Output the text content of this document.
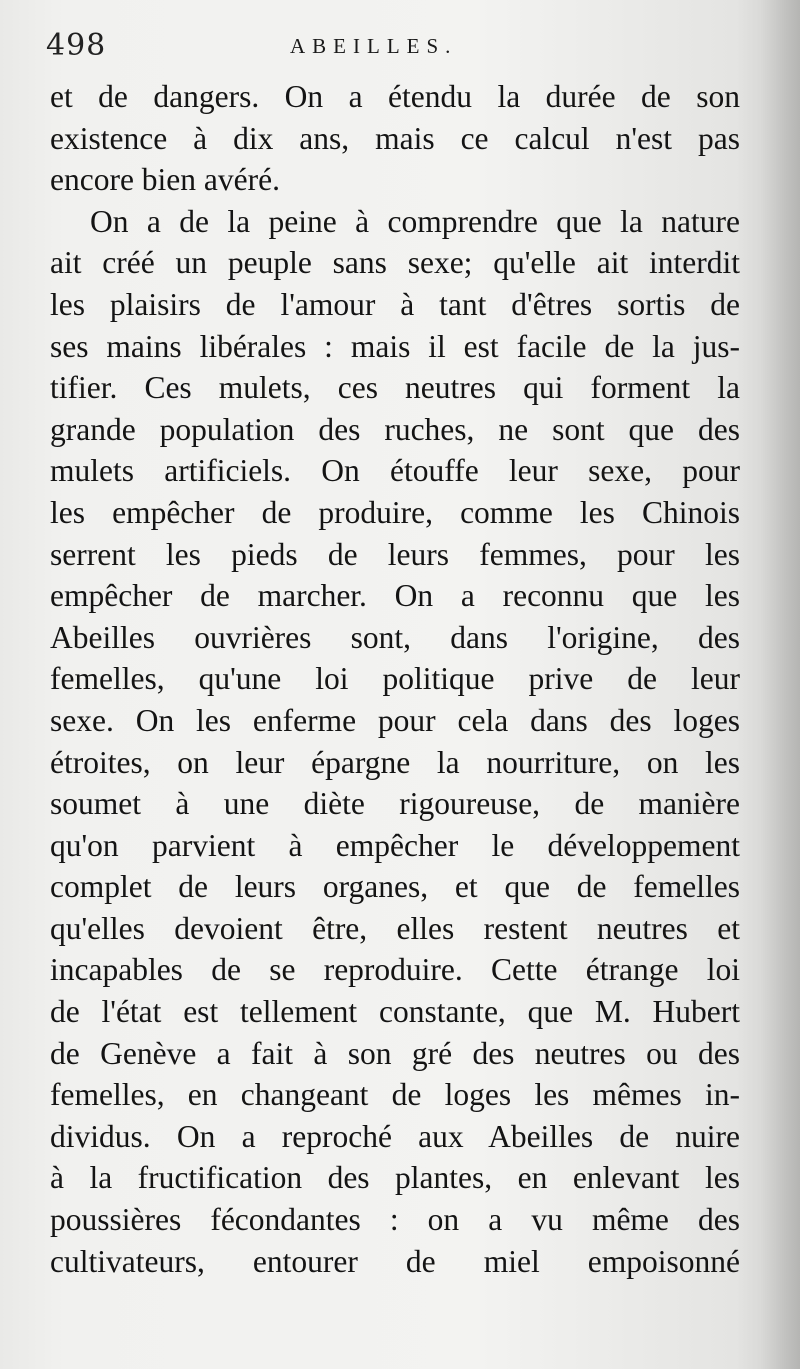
498	ABEILLES.
et de dangers. On a étendu la durée de son
existence à dix ans, mais ce calcul n'est pas
encore bien avéré.
On a de la peine à comprendre que la nature
ait créé un peuple sans sexe; qu'elle ait interdit
les plaisirs de l'amour à tant d'êtres sortis de
ses mains libérales : mais il est facile de la jus-
tifier. Ces mulets, ces neutres qui forment la
grande population des ruches, ne sont que des
mulets artificiels. On étouffe leur sexe, pour
les empêcher de produire, comme les Chinois
serrent les pieds de leurs femmes, pour les
empêcher de marcher. On a reconnu que les
Abeilles ouvrières sont, dans l'origine, des
femelles, qu'une loi politique prive de leur
sexe. On les enferme pour cela dans des loges
étroites, on leur épargne la nourriture, on les
soumet à une diète rigoureuse, de manière
qu'on parvient à empêcher le développement
complet de leurs organes, et que de femelles
qu'elles devoient être, elles restent neutres et
incapables de se reproduire. Cette étrange loi
de l'état est tellement constante, que M. Hubert
de Genève a fait à son gré des neutres ou des
femelles, en changeant de loges les mêmes in-
dividus. On a reproché aux Abeilles de nuire
à la fructification des plantes, en enlevant les
poussières fécondantes : on a vu même des
cultivateurs, entourer de miel empoisonné
